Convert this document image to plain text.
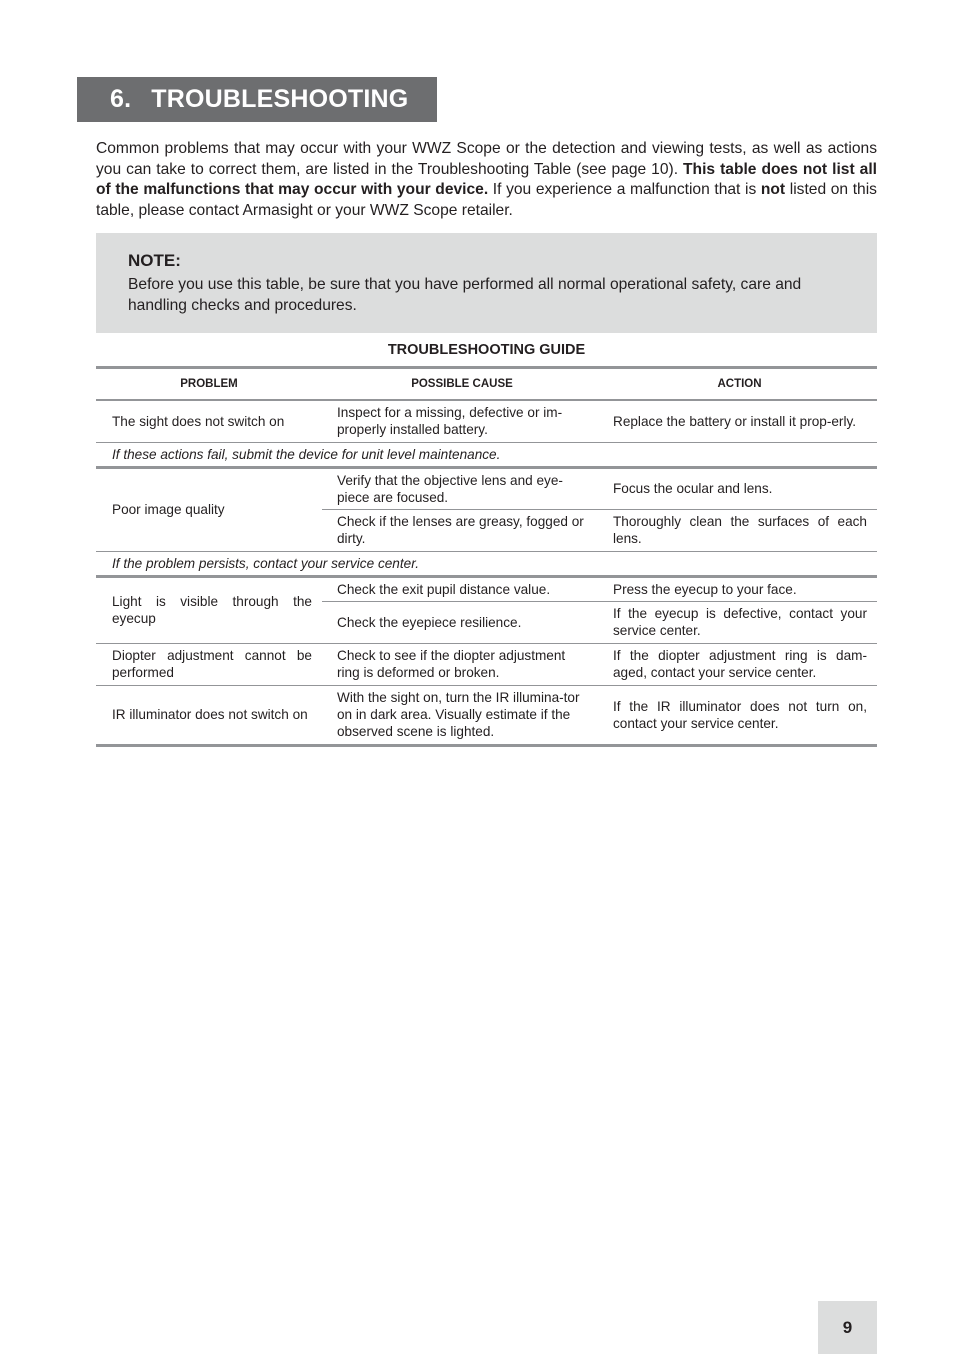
6. TROUBLESHOOTING

Common problems that may occur with your WWZ Scope or the detection and viewing tests, as well as actions you can take to correct them, are listed in the Troubleshooting Table (see page 10). This table does not list all of the malfunctions that may occur with your device. If you experience a malfunction that is not listed on this table, please contact Armasight or your WWZ Scope retailer.

NOTE:
Before you use this table, be sure that you have performed all normal operational safety, care and handling checks and procedures.
TROUBLESHOOTING GUIDE
PROBLEM	POSSIBLE CAUSE	ACTION
The sight does not switch on	Inspect for a missing, defective or im-properly installed battery.	Replace the battery or install it prop-erly.
If these actions fail, submit the device for unit level maintenance.		
Poor image quality	Verify that the objective lens and eye-piece are focused.	Focus the ocular and lens.
	Check if the lenses are greasy, fogged or dirty.	Thoroughly clean the surfaces of each lens.
If the problem persists, contact your service center.		
Light is visible through the eyecup	Check the exit pupil distance value.	Press the eyecup to your face.
	Check the eyepiece resilience.	If the eyecup is defective, contact your service center.
Diopter adjustment cannot be performed	Check to see if the diopter adjustment ring is deformed or broken.	If the diopter adjustment ring is dam-aged, contact your service center.
IR illuminator does not switch on	With the sight on, turn the IR illumina-tor on in dark area. Visually estimate if the observed scene is lighted.	If the IR illuminator does not turn on, contact your service center.
9
